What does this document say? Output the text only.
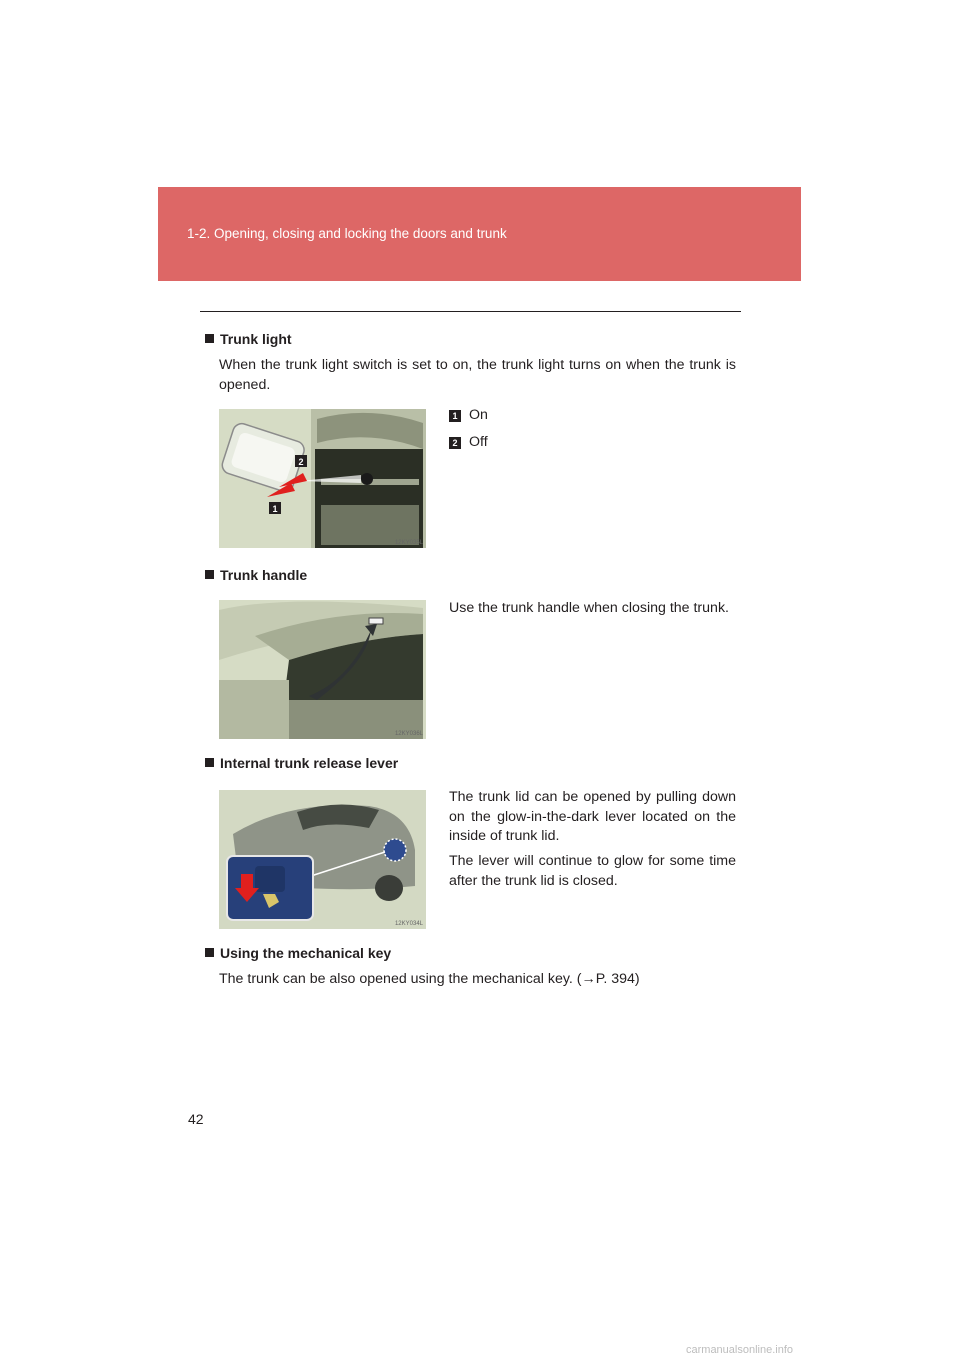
1-2. Opening, closing and locking the doors and trunk
Trunk light
When the trunk light switch is set to on, the trunk light turns on when the trunk is opened.
2
1
12KY035L
1 On
2 Off
Trunk handle
12KY036L
Use the trunk handle when closing the trunk.
Internal trunk release lever
12KY034L
The trunk lid can be opened by pulling down on the glow-in-the-dark lever located on the inside of trunk lid.
The lever will continue to glow for some time after the trunk lid is closed.
Using the mechanical key
The trunk can be also opened using the mechanical key. (→P. 394)
42
carmanualsonline.info
